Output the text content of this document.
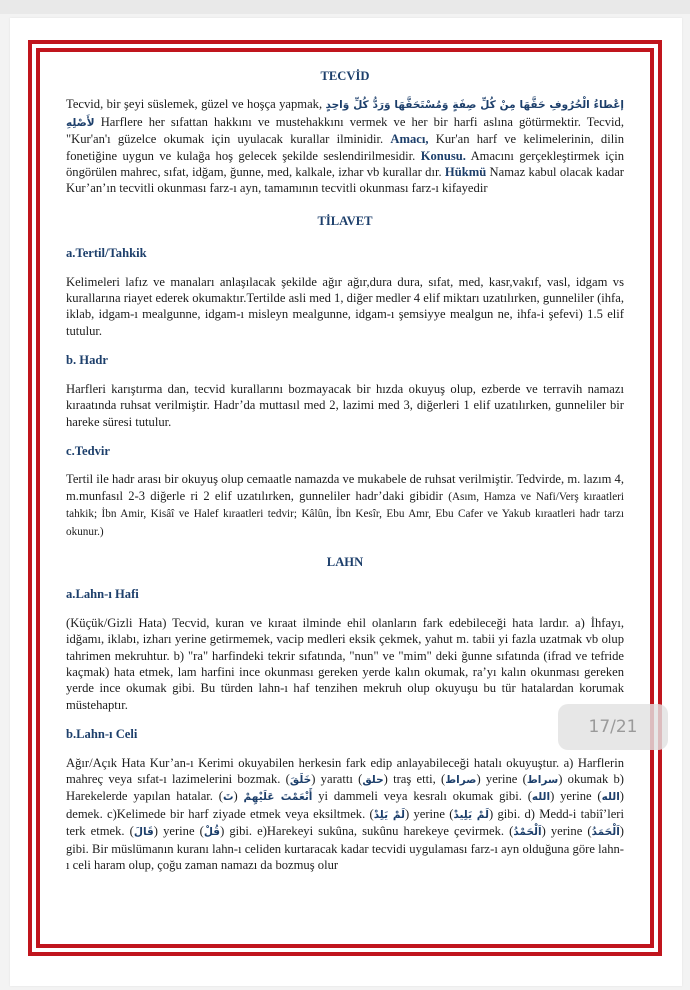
TECVİD

Tecvid, bir şeyi süslemek, güzel ve hoşça yapmak, إعْطاءُ الْحُرُوفِ حَقَّهَا مِنْ كُلِّ صِفَةٍ وَمُسْتَحَقَّهَا وَرَدُّ كُلِّ وَاحِدٍ لأَصْلِهِ Harflere her sıfattan hakkını ve mustehakkını vermek ve her bir harfi aslına götürmektir. Tecvid, "Kur'an'ı güzelce okumak için uyulacak kurallar ilminidir. Amacı, Kur'an harf ve kelimelerinin, dilin fonetiğine uygun ve kulağa hoş gelecek şekilde seslendirilmesidir. Konusu. Amacını gerçekleştirmek için öngörülen mahrec, sıfat, idğam, ğunne, med, kalkale, izhar vb kurallar dır. Hükmü Namaz kabul olacak kadar Kur’an’ın tecvitli okunması farz-ı ayn, tamamının tecvitli okunması farz-ı kifayedir

TİLAVET

a.Tertil/Tahkik

Kelimeleri lafız ve manaları anlaşılacak şekilde ağır ağır,dura dura, sıfat, med, kasr,vakıf, vasl, idgam vs kurallarına riayet ederek okumaktır.Tertilde asli med 1, diğer medler 4 elif miktarı uzatılırken, gunneliler (ihfa, iklab, idgam-ı mealgunne, idgam-ı misleyn mealgunne, idgam-ı şemsiyye mealgun ne, ihfa-i şefevi) 1.5 elif tutulur.

b. Hadr

Harfleri karıştırma dan, tecvid kurallarını bozmayacak bir hızda okuyuş olup, ezberde ve terravih namazı kıraatında ruhsat verilmiştir. Hadr’da muttasıl med 2, lazimi med 3, diğerleri 1 elif uzatılırken, gunneliler bir hareke süresi tutulur.

c.Tedvir

Tertil ile hadr arası bir okuyuş olup cemaatle namazda ve mukabele de ruhsat verilmiştir. Tedvirde, m. lazım 4, m.munfasıl 2-3 diğerle ri 2 elif uzatılırken, gunneliler hadr’daki gibidir (Asım, Hamza ve Nafi/Verş kıraatleri tahkik; İbn Amir, Kisâî ve Halef kıraatleri tedvir; Kâlûn, İbn Kesîr, Ebu Amr, Ebu Cafer ve Yakub kıraatleri hadr tarzı okunur.)

LAHN

a.Lahn-ı Hafi

(Küçük/Gizli Hata) Tecvid, kuran ve kıraat ilminde ehil olanların fark edebileceği hata lardır. a) İhfayı, idğamı, iklabı, izharı yerine getirmemek, vacip medleri eksik çekmek, yahut m. tabii yi fazla uzatmak vb olup tahrimen mekruhtur. b) "ra" harfindeki tekrir sıfatında, "nun" ve "mim" deki ğunne sıfatında (ifrad ve tefride kaçmak) hata etmek, lam harfini ince okunması gereken yerde kalın okumak, ra’yı kalın okunması gereken yerde ince okumak gibi. Bu türden lahn-ı haf tenzihen mekruh olup okuyuşu bu tür hatalardan korumak müstehaptır.

b.Lahn-ı Celi

Ağır/Açık Hata Kur’an-ı Kerimi okuyabilen herkesin fark edip anlayabileceği hatalı okuyuştur. a) Harflerin mahreç veya sıfat-ı lazimelerini bozmak. (خَلَقَ) yarattı (حلق) traş etti, (صراط) yerine (سراط) okumak b) Harekelerde yapılan hatalar. (تَ) أَنْعَمْتَ عَلَيْهِمْ yi dammeli veya kesralı okumak gibi. (الله) yerine (الله) demek. c)Kelimede bir harf ziyade etmek veya eksiltmek. (لَمْ يَلِدْ) yerine (لَمْ يَلِيدْ) gibi. d) Medd-i tabiî’leri terk etmek. (قَالَ) yerine (قُلْ) gibi. e)Harekeyi sukûna, sukûnu harekeye çevirmek. (اَلْحَمْدُ) yerine (اَلْحَمَدُ) gibi. Bir müslümanın kuranı lahn-ı celiden kurtaracak kadar tecvidi uygulaması farz-ı ayn olduğuna göre lahn-ı celi haram olup, çoğu zaman namazı da bozmuş olur

17/21
